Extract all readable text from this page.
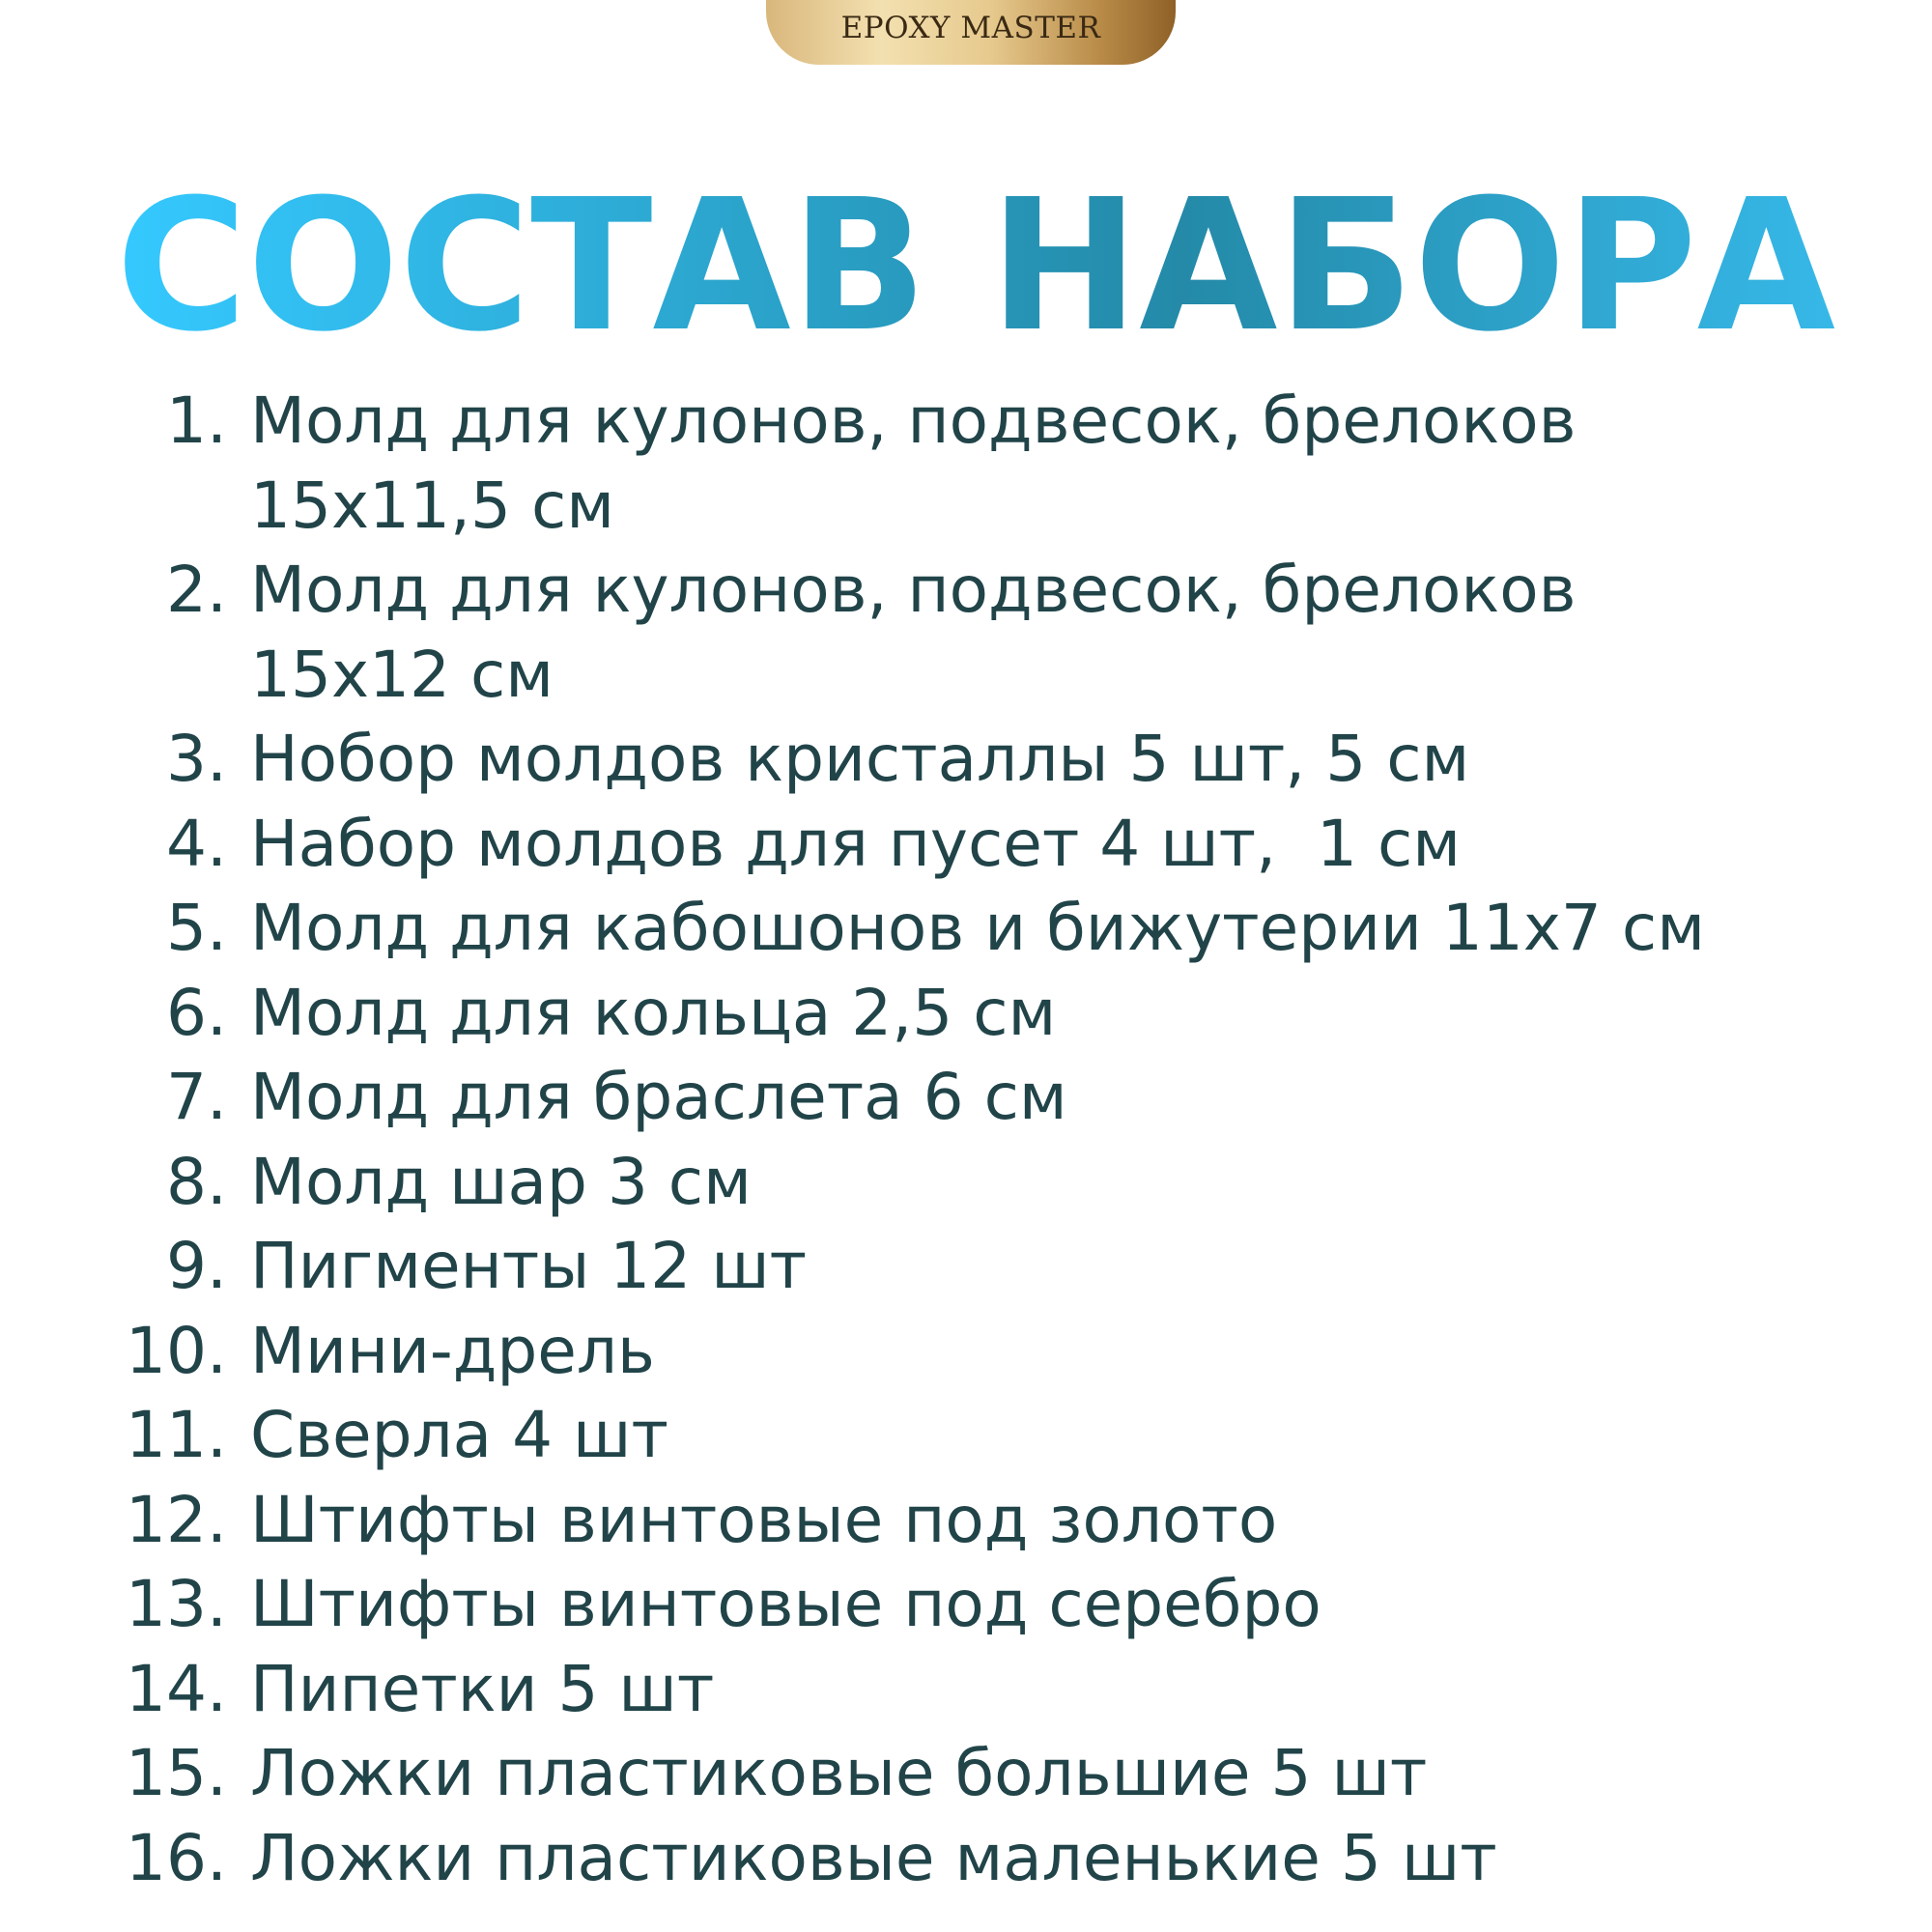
EPOXY MASTER
СОСТАВ НАБОРА
1. Молд для кулонов, подвесок, брелоков
15x11,5 см
2. Молд для кулонов, подвесок, брелоков
15x12 см
3. Нобор молдов кристаллы 5 шт, 5 см
4. Набор молдов для пусет 4 шт,  1 см
5. Молд для кабошонов и бижутерии 11x7 см
6. Молд для кольца 2,5 см
7. Молд для браслета 6 см
8. Молд шар 3 см
9. Пигменты 12 шт
10. Мини-дрель
11. Сверла 4 шт
12. Штифты винтовые под золото
13. Штифты винтовые под серебро
14. Пипетки 5 шт
15. Ложки пластиковые большие 5 шт
16. Ложки пластиковые маленькие 5 шт
